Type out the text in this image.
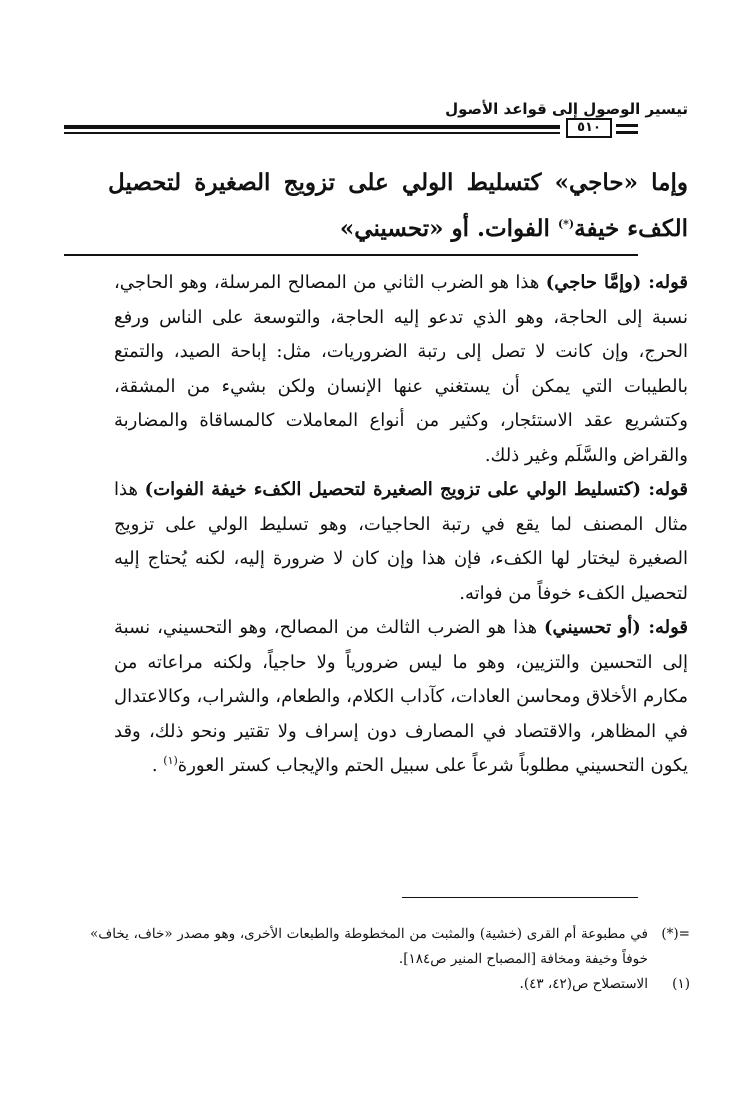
تيسير الوصول إلى قواعد الأصول
٥١٠
وإما «حاجي» كتسليط الولي على تزويج الصغيرة لتحصيل الكفء خيفة(*) الفوات. أو «تحسيني»

قوله: (وإمَّا حاجي) هذا هو الضرب الثاني من المصالح المرسلة، وهو الحاجي، نسبة إلى الحاجة، وهو الذي تدعو إليه الحاجة، والتوسعة على الناس ورفع الحرج، وإن كانت لا تصل إلى رتبة الضروريات، مثل: إباحة الصيد، والتمتع بالطيبات التي يمكن أن يستغني عنها الإنسان ولكن بشيء من المشقة، وكتشريع عقد الاستئجار، وكثير من أنواع المعاملات كالمساقاة والمضاربة والقراض والسَّلَم وغير ذلك.

قوله: (كتسليط الولي على تزويج الصغيرة لتحصيل الكفء خيفة الفوات) هذا مثال المصنف لما يقع في رتبة الحاجيات، وهو تسليط الولي على تزويج الصغيرة ليختار لها الكفء، فإن هذا وإن كان لا ضرورة إليه، لكنه يُحتاج إليه لتحصيل الكفء خوفاً من فواته.

قوله: (أو تحسيني) هذا هو الضرب الثالث من المصالح، وهو التحسيني، نسبة إلى التحسين والتزيين، وهو ما ليس ضرورياً ولا حاجياً، ولكنه مراعاته من مكارم الأخلاق ومحاسن العادات، كآداب الكلام، والطعام، والشراب، وكالاعتدال في المظاهر، والاقتصاد في المصارف دون إسراف ولا تقتير ونحو ذلك، وقد يكون التحسيني مطلوباً شرعاً على سبيل الحتم والإيجاب كستر العورة$^{(١)}$ .

=(*)
في مطبوعة أم القرى (خشية) والمثبت من المخطوطة والطبعات الأخرى، وهو مصدر «خاف، يخاف» خوفاً وخيفة ومخافة [المصباح المنير ص١٨٤].
(١)
الاستصلاح ص(٤٢، ٤٣).
